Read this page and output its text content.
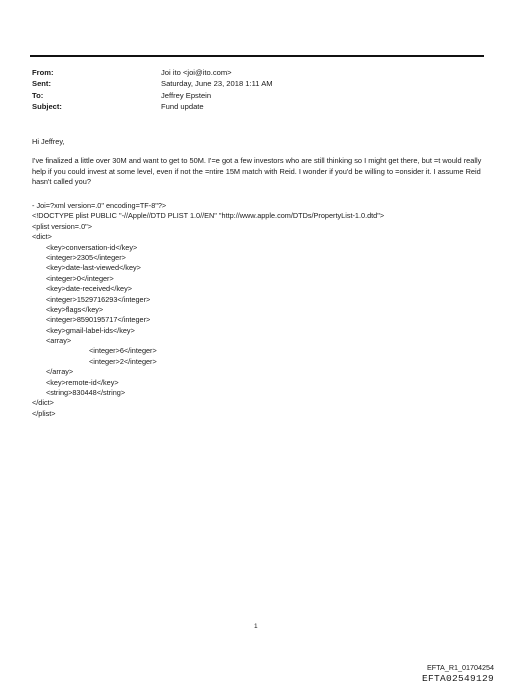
From:	Joi ito <joi@ito.com>
Sent:	Saturday, June 23, 2018 1:11 AM
To:	Jeffrey Epstein
Subject:	Fund update

Hi Jeffrey,

I've finalized a little over 30M and want to get to 50M. I'=e got a few investors who are still thinking so I might get there, but =t would really help if you could invest at some level, even if not the =ntire 15M match with Reid. I wonder if you'd be willing to =onsider it. I assume Reid hasn't called you?

- Joi=?xml version=.0" encoding=TF-8"?>
<!DOCTYPE plist PUBLIC "-//Apple//DTD PLIST 1.0//EN" "http://www.apple.com/DTDs/PropertyList-1.0.dtd">
<plist version=.0">
<dict>
<key>conversation-id</key>
<integer>2305</integer>
<key>date-last-viewed</key>
<integer>0</integer>
<key>date-received</key>
<integer>1529716293</integer>
<key>flags</key>
<integer>8590195717</integer>
<key>gmail-label-ids</key>
<array>
<integer>6</integer>
<integer>2</integer>
</array>
<key>remote-id</key>
<string>830448</string>
</dict>
</plist>
1
EFTA_R1_01704254
EFTA02549129
